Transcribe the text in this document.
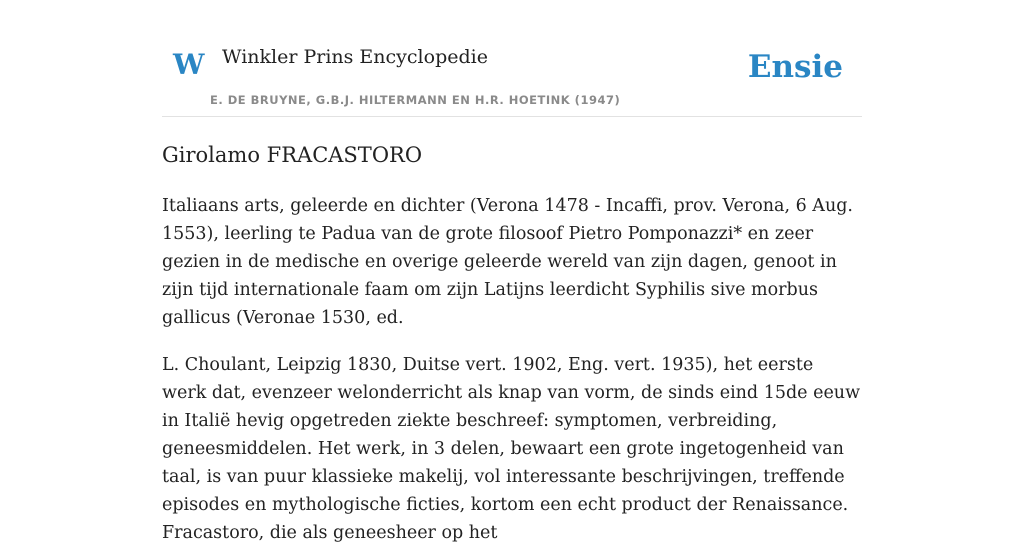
W Winkler Prins Encyclopedie
E. DE BRUYNE, G.B.J. HILTERMANN EN H.R. HOETINK (1947)
Ensie
Girolamo FRACASTORO

Italiaans arts, geleerde en dichter (Verona 1478 - Incaffi, prov. Verona, 6 Aug. 1553), leerling te Padua van de grote filosoof Pietro Pomponazzi* en zeer gezien in de medische en overige geleerde wereld van zijn dagen, genoot in zijn tijd internationale faam om zijn Latijns leerdicht Syphilis sive morbus gallicus (Veronae 1530, ed.

L. Choulant, Leipzig 1830, Duitse vert. 1902, Eng. vert. 1935), het eerste werk dat, evenzeer welonderricht als knap van vorm, de sinds eind 15de eeuw in Italië hevig opgetreden ziekte beschreef: symptomen, verbreiding, geneesmiddelen. Het werk, in 3 delen, bewaart een grote ingetogenheid van taal, is van puur klassieke makelij, vol interessante beschrijvingen, treffende episodes en mythologische ficties, kortom een echt product der Renaissance. Fracastoro, die als geneesheer op het
